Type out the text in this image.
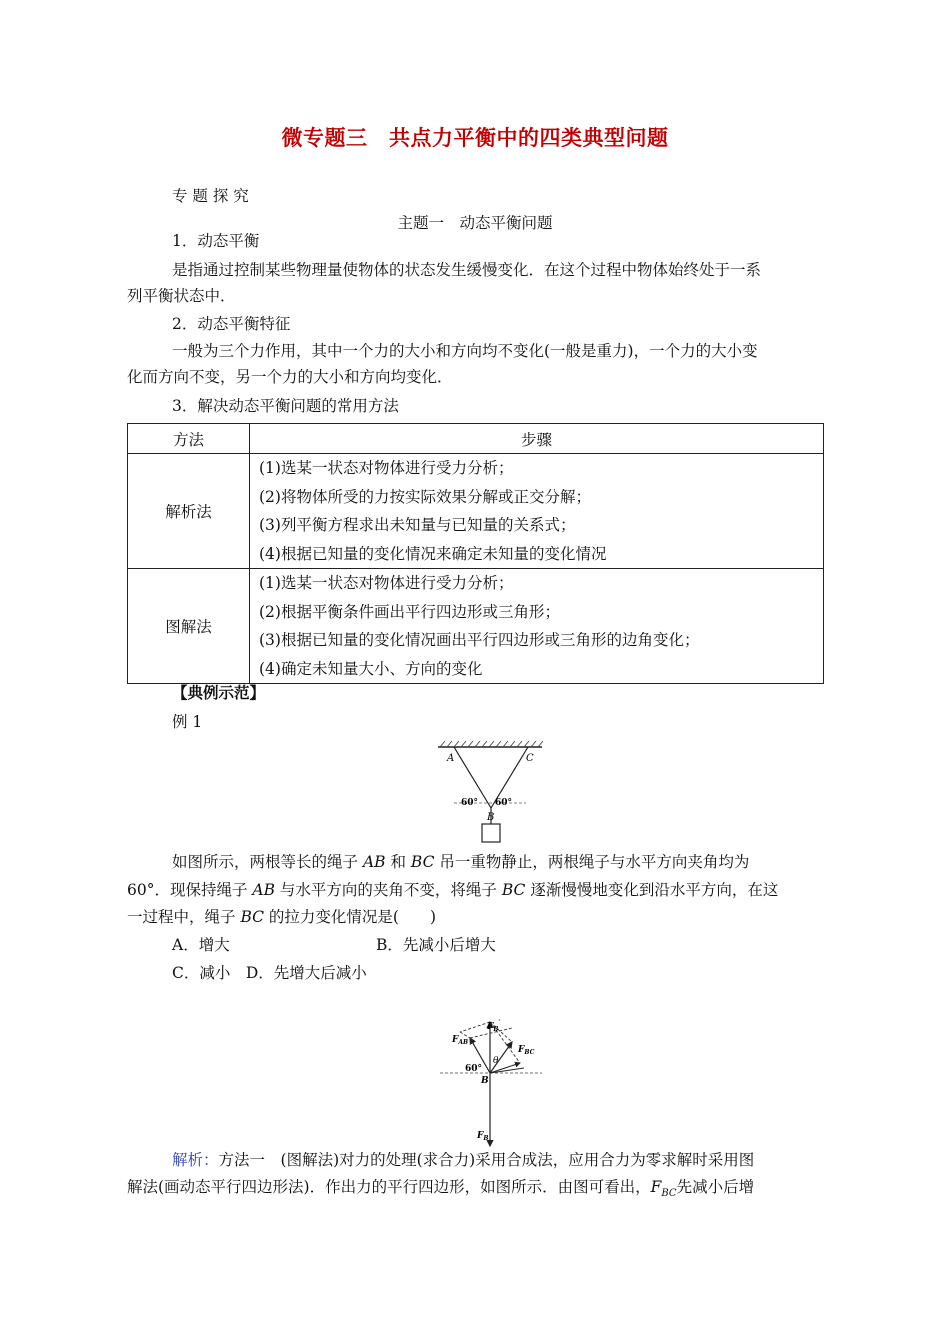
微专题三　共点力平衡中的四类典型问题
专 题 探 究
主题一　动态平衡问题
1．动态平衡
是指通过控制某些物理量使物体的状态发生缓慢变化．在这个过程中物体始终处于一系
列平衡状态中．
2．动态平衡特征
一般为三个力作用，其中一个力的大小和方向均不变化(一般是重力)，一个力的大小变
化而方向不变，另一个力的大小和方向均变化．
3．解决动态平衡问题的常用方法
方法	步骤
解析法	(1)选某一状态对物体进行受力分析；
(2)将物体所受的力按实际效果分解或正交分解；
(3)列平衡方程求出未知量与已知量的关系式；
(4)根据已知量的变化情况来确定未知量的变化情况

图解法	(1)选某一状态对物体进行受力分析；
(2)根据平衡条件画出平行四边形或三角形；
(3)根据已知量的变化情况画出平行四边形或三角形的边角变化；
(4)确定未知量大小、方向的变化
【典例示范】
例 1
A	C
B
60° 60°
如图所示，两根等长的绳子 AB 和 BC 吊一重物静止，两根绳子与水平方向夹角均为
60°．现保持绳子 AB 与水平方向的夹角不变，将绳子 BC 逐渐慢慢地变化到沿水平方向，在这
一过程中，绳子 BC 的拉力变化情况是(　　)
A．增大	B．先减小后增大
C．减小　D．先增大后减小
$F_B'$
$F_{AB}$
$F_{BC}$
θ
60°
B
$F_B$
解析：方法一　(图解法)对力的处理(求合力)采用合成法，应用合力为零求解时采用图
解法(画动态平行四边形法)．作出力的平行四边形，如图所示．由图可看出，$F_{BC}$先减小后增
